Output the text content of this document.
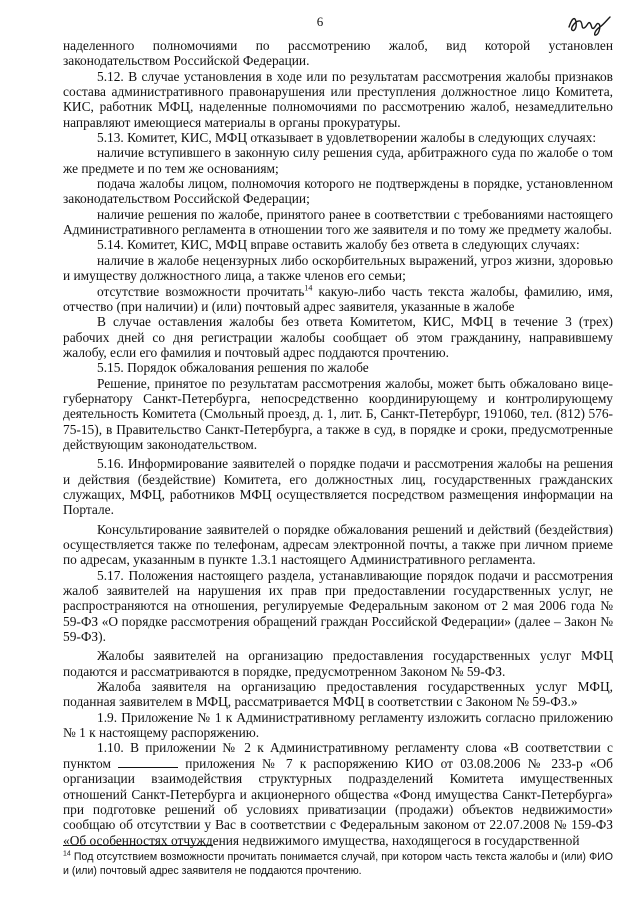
6

наделенного полномочиями по рассмотрению жалоб, вид которой установлен законодательством Российской Федерации.

5.12. В случае установления в ходе или по результатам рассмотрения жалобы признаков состава административного правонарушения или преступления должностное лицо Комитета, КИС, работник МФЦ, наделенные полномочиями по рассмотрению жалоб, незамедлительно направляют имеющиеся материалы в органы прокуратуры.

5.13. Комитет, КИС, МФЦ отказывает в удовлетворении жалобы в следующих случаях:

наличие вступившего в законную силу решения суда, арбитражного суда по жалобе о том же предмете и по тем же основаниям;

подача жалобы лицом, полномочия которого не подтверждены в порядке, установленном законодательством Российской Федерации;

наличие решения по жалобе, принятого ранее в соответствии с требованиями настоящего Административного регламента в отношении того же заявителя и по тому же предмету жалобы.

5.14. Комитет, КИС, МФЦ вправе оставить жалобу без ответа в следующих случаях:

наличие в жалобе нецензурных либо оскорбительных выражений, угроз жизни, здоровью и имуществу должностного лица, а также членов его семьи;

отсутствие возможности прочитать$^{14}$ какую-либо часть текста жалобы, фамилию, имя, отчество (при наличии) и (или) почтовый адрес заявителя, указанные в жалобе

В случае оставления жалобы без ответа Комитетом, КИС, МФЦ в течение 3 (трех) рабочих дней со дня регистрации жалобы сообщает об этом гражданину, направившему жалобу, если его фамилия и почтовый адрес поддаются прочтению.

5.15. Порядок обжалования решения по жалобе

Решение, принятое по результатам рассмотрения жалобы, может быть обжаловано вице-губернатору Санкт-Петербурга, непосредственно координирующему и контролирующему деятельность Комитета (Смольный проезд, д. 1, лит. Б, Санкт-Петербург, 191060, тел. (812) 576-75-15), в Правительство Санкт-Петербурга, а также в суд, в порядке и сроки, предусмотренные действующим законодательством.

5.16. Информирование заявителей о порядке подачи и рассмотрения жалобы на решения и действия (бездействие) Комитета, его должностных лиц, государственных гражданских служащих, МФЦ, работников МФЦ осуществляется посредством размещения информации на Портале.

Консультирование заявителей о порядке обжалования решений и действий (бездействия) осуществляется также по телефонам, адресам электронной почты, а также при личном приеме по адресам, указанным в пункте 1.3.1 настоящего Административного регламента.

5.17. Положения настоящего раздела, устанавливающие порядок подачи и рассмотрения жалоб заявителей на нарушения их прав при предоставлении государственных услуг, не распространяются на отношения, регулируемые Федеральным законом от 2 мая 2006 года № 59-ФЗ «О порядке рассмотрения обращений граждан Российской Федерации» (далее – Закон № 59-ФЗ).

Жалобы заявителей на организацию предоставления государственных услуг МФЦ подаются и рассматриваются в порядке, предусмотренном Законом № 59-ФЗ.

Жалоба заявителя на организацию предоставления государственных услуг МФЦ, поданная заявителем в МФЦ, рассматривается МФЦ в соответствии с Законом № 59-ФЗ.»

1.9. Приложение № 1 к Административному регламенту изложить согласно приложению № 1 к настоящему распоряжению.

1.10. В приложении № 2 к Административному регламенту слова «В соответствии с пунктом	приложения № 7 к распоряжению КИО от 03.08.2006 № 233-р «Об организации взаимодействия структурных подразделений Комитета имущественных отношений Санкт-Петербурга и акционерного общества «Фонд имущества Санкт-Петербурга» при подготовке решений об условиях приватизации (продажи) объектов недвижимости» сообщаю об отсутствии у Вас в соответствии с Федеральным законом от 22.07.2008 № 159-ФЗ «Об особенностях отчуждения недвижимого имущества, находящегося в государственной

$^{14}$ Под отсутствием возможности прочитать понимается случай, при котором часть текста жалобы и (или) ФИО и (или) почтовый адрес заявителя не поддаются прочтению.
